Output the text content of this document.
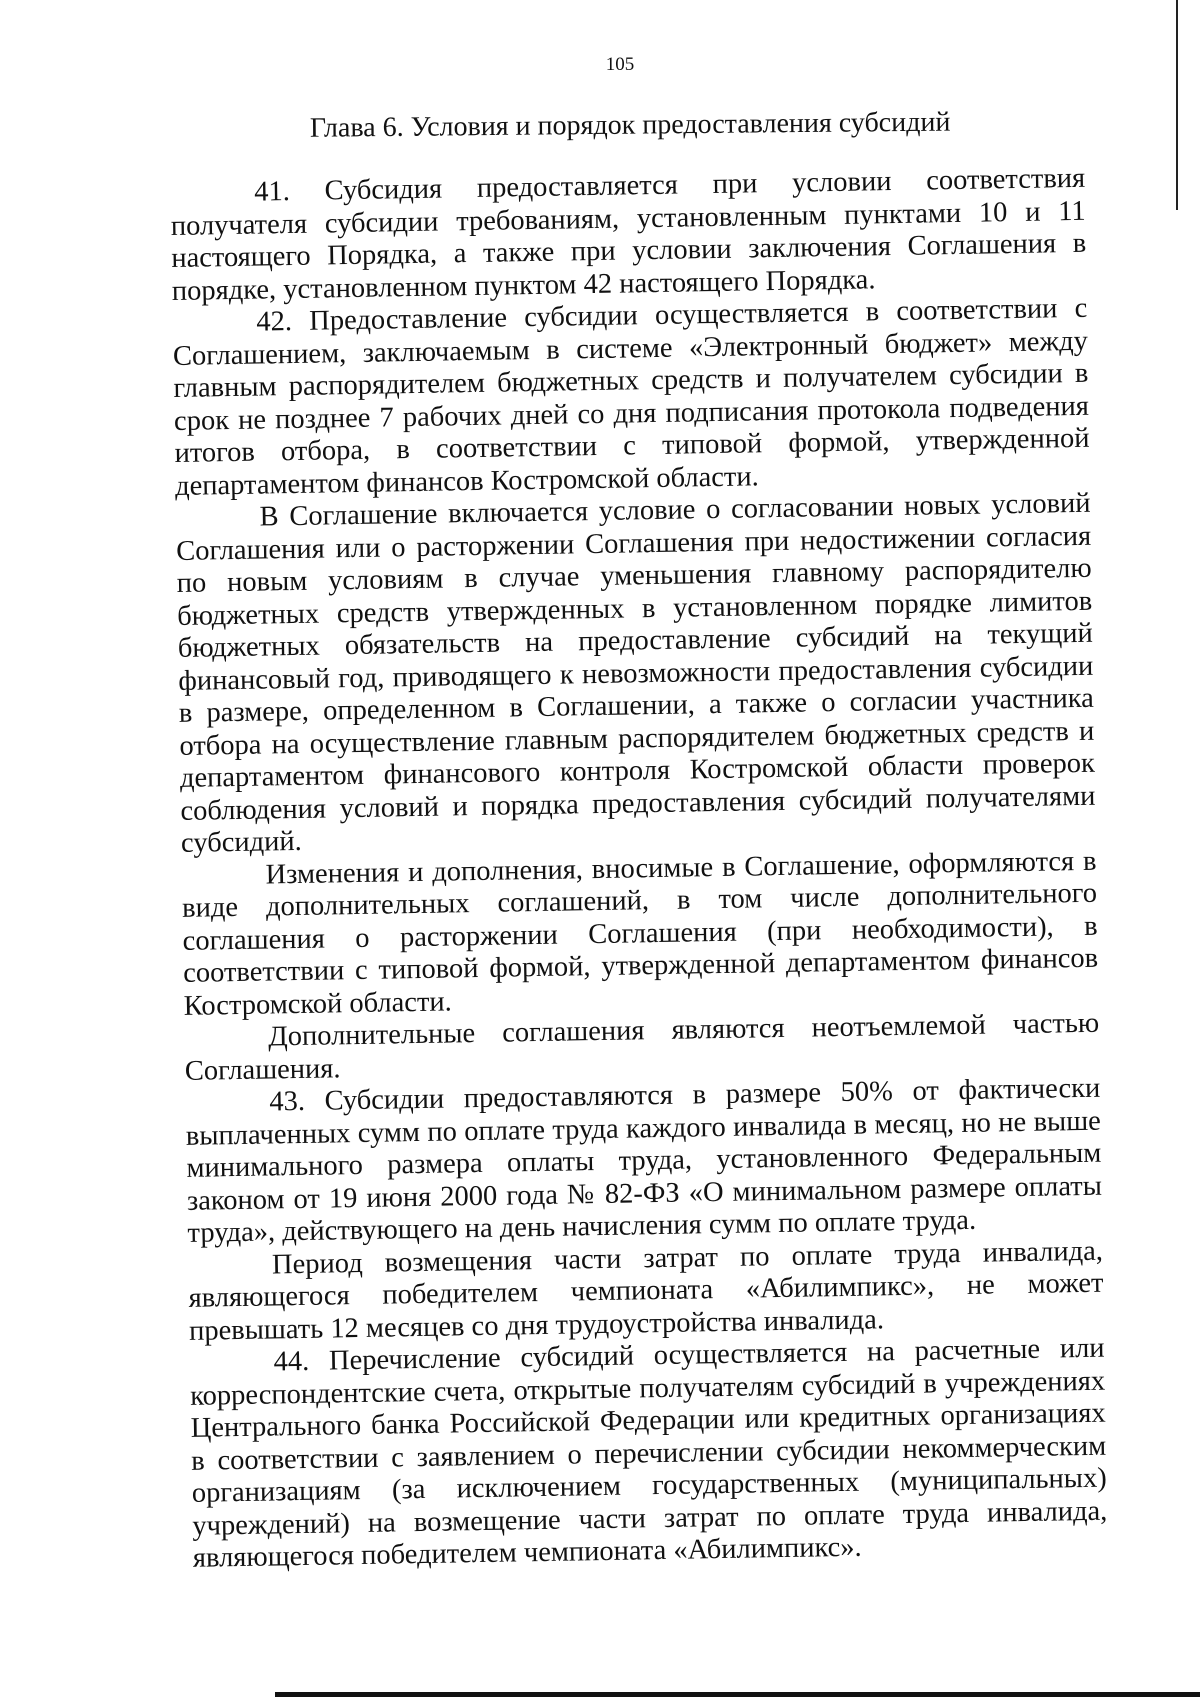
105
Глава 6. Условия и порядок предоставления субсидий

41. Субсидия предоставляется при условии соответствия получателя субсидии требованиям, установленным пунктами 10 и 11 настоящего Порядка, а также при условии заключения Соглашения в порядке, установленном пунктом 42 настоящего Порядка.

42. Предоставление субсидии осуществляется в соответствии с Соглашением, заключаемым в системе «Электронный бюджет» между главным распорядителем бюджетных средств и получателем субсидии в срок не позднее 7 рабочих дней со дня подписания протокола подведения итогов отбора, в соответствии с типовой формой, утвержденной департаментом финансов Костромской области.

В Соглашение включается условие о согласовании новых условий Соглашения или о расторжении Соглашения при недостижении согласия по новым условиям в случае уменьшения главному распорядителю бюджетных средств утвержденных в установленном порядке лимитов бюджетных обязательств на предоставление субсидий на текущий финансовый год, приводящего к невозможности предоставления субсидии в размере, определенном в Соглашении, а также о согласии участника отбора на осуществление главным распорядителем бюджетных средств и департаментом финансового контроля Костромской области проверок соблюдения условий и порядка предоставления субсидий получателями субсидий.

Изменения и дополнения, вносимые в Соглашение, оформляются в виде дополнительных соглашений, в том числе дополнительного соглашения о расторжении Соглашения (при необходимости), в соответствии с типовой формой, утвержденной департаментом финансов Костромской области.

Дополнительные соглашения являются неотъемлемой частью Соглашения.

43. Субсидии предоставляются в размере 50% от фактически выплаченных сумм по оплате труда каждого инвалида в месяц, но не выше минимального размера оплаты труда, установленного Федеральным законом от 19 июня 2000 года № 82-ФЗ «О минимальном размере оплаты труда», действующего на день начисления сумм по оплате труда.

Период возмещения части затрат по оплате труда инвалида, являющегося победителем чемпионата «Абилимпикс», не может превышать 12 месяцев со дня трудоустройства инвалида.

44. Перечисление субсидий осуществляется на расчетные или корреспондентские счета, открытые получателям субсидий в учреждениях Центрального банка Российской Федерации или кредитных организациях в соответствии с заявлением о перечислении субсидии некоммерческим организациям (за исключением государственных (муниципальных) учреждений) на возмещение части затрат по оплате труда инвалида, являющегося победителем чемпионата «Абилимпикс».
